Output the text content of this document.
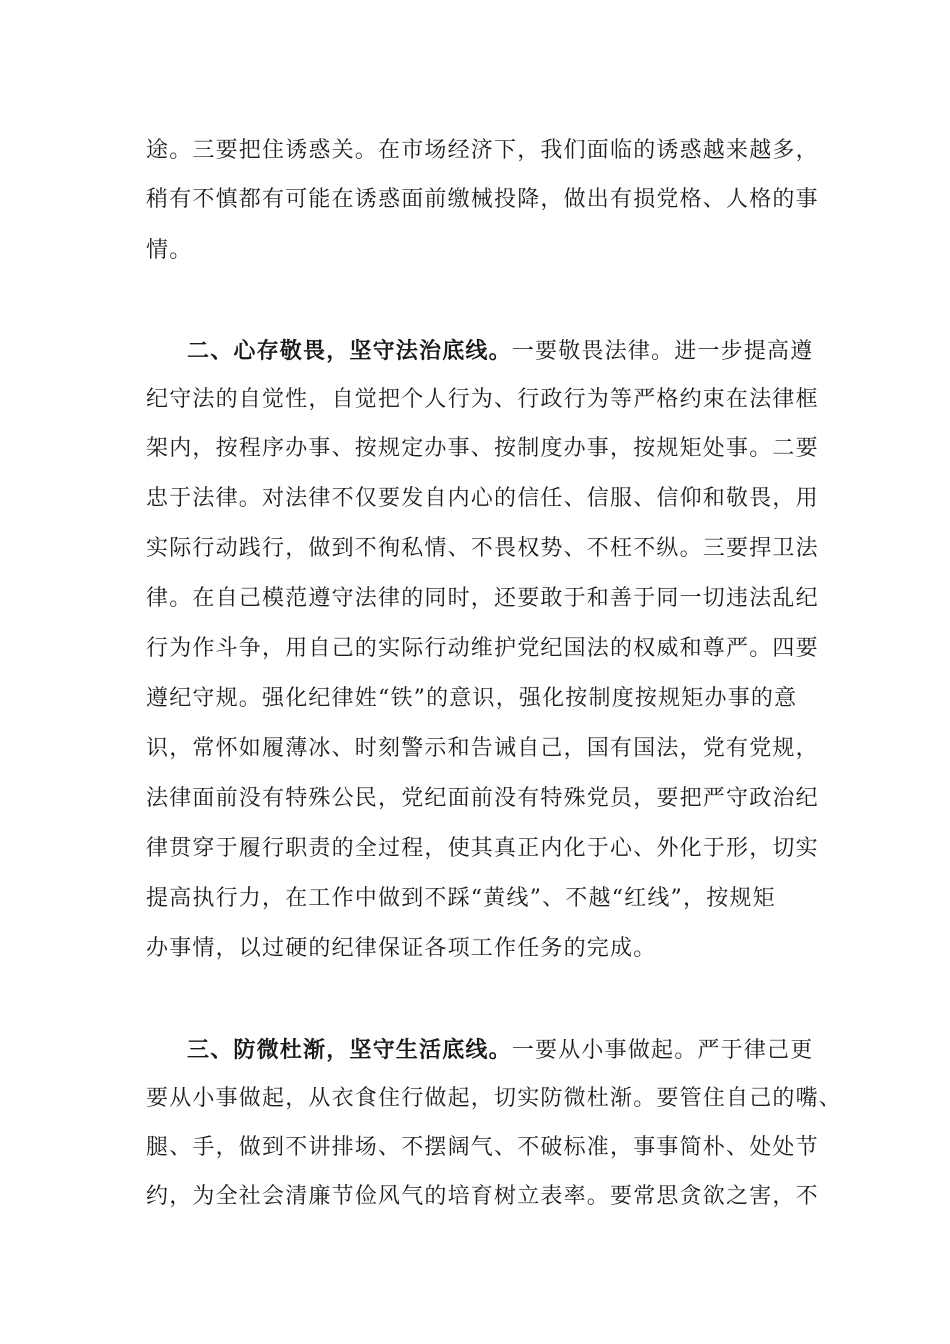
途。三要把住诱惑关。在市场经济下，我们面临的诱惑越来越多，
稍有不慎都有可能在诱惑面前缴械投降，做出有损党格、人格的事
情。
二、心存敬畏，坚守法治底线。一要敬畏法律。进一步提高遵
纪守法的自觉性，自觉把个人行为、行政行为等严格约束在法律框
架内，按程序办事、按规定办事、按制度办事，按规矩处事。二要
忠于法律。对法律不仅要发自内心的信任、信服、信仰和敬畏，用
实际行动践行，做到不徇私情、不畏权势、不枉不纵。三要捍卫法
律。在自己模范遵守法律的同时，还要敢于和善于同一切违法乱纪
行为作斗争，用自己的实际行动维护党纪国法的权威和尊严。四要
遵纪守规。强化纪律姓“铁”的意识，强化按制度按规矩办事的意
识，常怀如履薄冰、时刻警示和告诫自己，国有国法，党有党规，
法律面前没有特殊公民，党纪面前没有特殊党员，要把严守政治纪
律贯穿于履行职责的全过程，使其真正内化于心、外化于形，切实
提高执行力，在工作中做到不踩“黄线”、不越“红线”，按规矩
办事情，以过硬的纪律保证各项工作任务的完成。
三、防微杜渐，坚守生活底线。一要从小事做起。严于律己更
要从小事做起，从衣食住行做起，切实防微杜渐。要管住自己的嘴、
腿、手，做到不讲排场、不摆阔气、不破标准，事事简朴、处处节
约，为全社会清廉节俭风气的培育树立表率。要常思贪欲之害，不
